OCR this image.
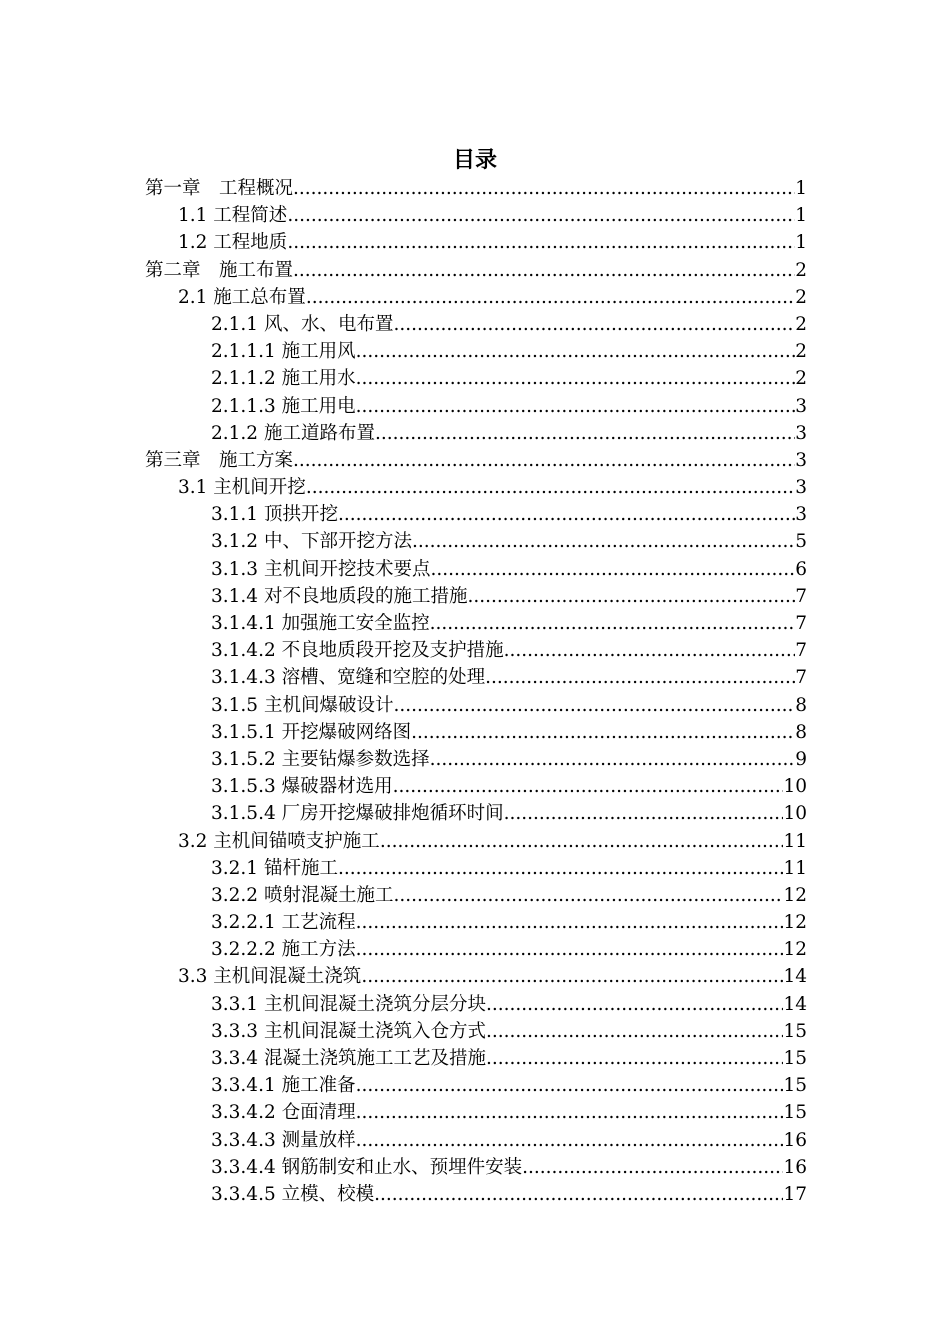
目录
第一章　工程概况 .....	1
1.1 工程简述 .....	1
1.2 工程地质 .....	1
第二章　施工布置 .....	2
2.1 施工总布置 .....	2
2.1.1 风、水、电布置 .....	2
2.1.1.1 施工用风 .....	2
2.1.1.2 施工用水 .....	2
2.1.1.3 施工用电 .....	3
2.1.2 施工道路布置 .....	3
第三章　施工方案 .....	3
3.1 主机间开挖 .....	3
3.1.1 顶拱开挖 .....	3
3.1.2 中、下部开挖方法 .....	5
3.1.3 主机间开挖技术要点 .....	6
3.1.4 对不良地质段的施工措施 .....	7
3.1.4.1 加强施工安全监控 .....	7
3.1.4.2 不良地质段开挖及支护措施 .....	7
3.1.4.3 溶槽、宽缝和空腔的处理 .....	7
3.1.5 主机间爆破设计 .....	8
3.1.5.1 开挖爆破网络图 .....	8
3.1.5.2 主要钻爆参数选择 .....	9
3.1.5.3 爆破器材选用 .....	10
3.1.5.4 厂房开挖爆破排炮循环时间 .....	10
3.2 主机间锚喷支护施工 .....	11
3.2.1 锚杆施工 .....	11
3.2.2 喷射混凝土施工 .....	12
3.2.2.1 工艺流程 .....	12
3.2.2.2 施工方法 .....	12
3.3 主机间混凝土浇筑 .....	14
3.3.1 主机间混凝土浇筑分层分块 .....	14
3.3.3 主机间混凝土浇筑入仓方式 .....	15
3.3.4 混凝土浇筑施工工艺及措施 .....	15
3.3.4.1 施工准备 .....	15
3.3.4.2 仓面清理 .....	15
3.3.4.3 测量放样 .....	16
3.3.4.4 钢筋制安和止水、预埋件安装 .....	16
3.3.4.5 立模、校模 .....	17
